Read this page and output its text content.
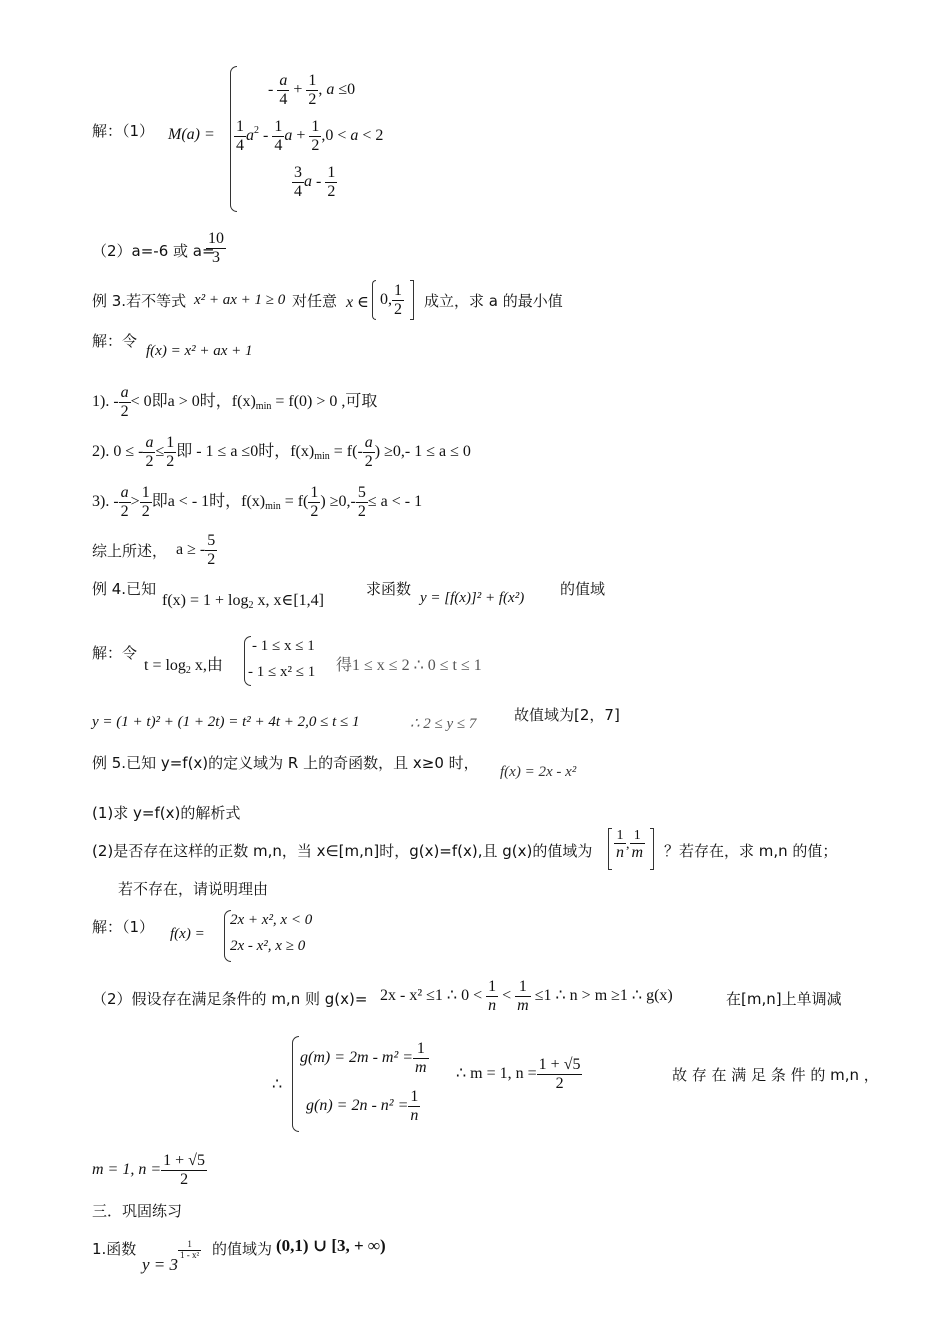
解：（1） M(a) =
- $\frac{a}{4} + \frac{1}{2}$ , a ≤0
$\frac{1}{4} a^2 - \frac{1}{4}$ $a + \frac{1}{2} ,0 < a < 2$
$\frac{3}{4}$ a - $\frac{1}{2}$
（2）a=-6 或 a=
$\frac{10}{3}$
例 3.若不等式 x² + ax + 1 ≥ 0 对任意 x ∈ 0, $\frac{1}{2}$ 成立，求 a 的最小值
解：令
f(x) = x² + ax + 1
1). - $\frac{a}{2} < 0$即a > 0时，$f(x)_{min} = f(0) > 0$ ,可取
2). 0 ≤ - $\frac{a}{2} \le \frac{1}{2}$ 即 - 1 ≤ a ≤0时，$f(x)_{min} = f(- \frac{a}{2}$ ) ≥0,- 1 ≤ a ≤ 0
3). - $\frac{a}{2} > \frac{1}{2}$ 即a < - 1时，$f(x)_{min} = f( \frac{1}{2}$ ) $\ge 0,- \frac{5}{2} \le a$ < - 1
综上所述， a ≥ - $\frac{5}{2}$
例 4.已知
$f(x) = 1 + \log_2 x$, x∈[1,4]
求函数 y = [f(x)]² + f(x²) 的值域
解：令
$t = \log_2 x$,由
- 1 ≤ x ≤ 1
- 1 ≤ x² ≤ 1 得1 ≤ x ≤ 2 ∴ 0 ≤ t ≤ 1
y = (1 + t)² + (1 + 2t) = t² + 4t + 2,0 ≤ t ≤ 1	∴ 2 ≤ y ≤ 7	故值域为[2，7]
例 5.已知 y=f(x)的定义域为 R 上的奇函数，且 x≥0 时， f(x) = 2x - x²
(1)求 y=f(x)的解析式
(2)是否存在这样的正数 m,n，当 x∈[m,n]时，g(x)=f(x),且 g(x)的值域为 $\frac{1}{n}$ , $\frac{1}{m}$ ？若存在，求 m,n 的值；
若不存在，请说明理由
解：（1） f(x) =
2x + x², x < 0
2x - x², x ≥ 0
（2）假设存在满足条件的 m,n 则 g(x)= 2x - x² ≤1 ∴ $0 < \frac{1}{n} < \frac{1}{m} \le 1$ ∴ n > m ≥1 ∴ g(x)	在[m,n]上单调减
∴
$g(m) = 2m - m^2 = \frac{1}{m}$
$g(n) = 2n - n^2 = \frac{1}{n}$
∴ m = 1, $n = \frac{1 + √5}{2}$	故 存 在 满 足 条 件 的 m,n ，
m = 1, $n = \frac{1 + √5}{2}$
三．巩固练习
1.函数
y = 3
$\frac{1}{\text{1 - x²}}$ 的值域为 (0,1) ∪ [3, + ∞)
